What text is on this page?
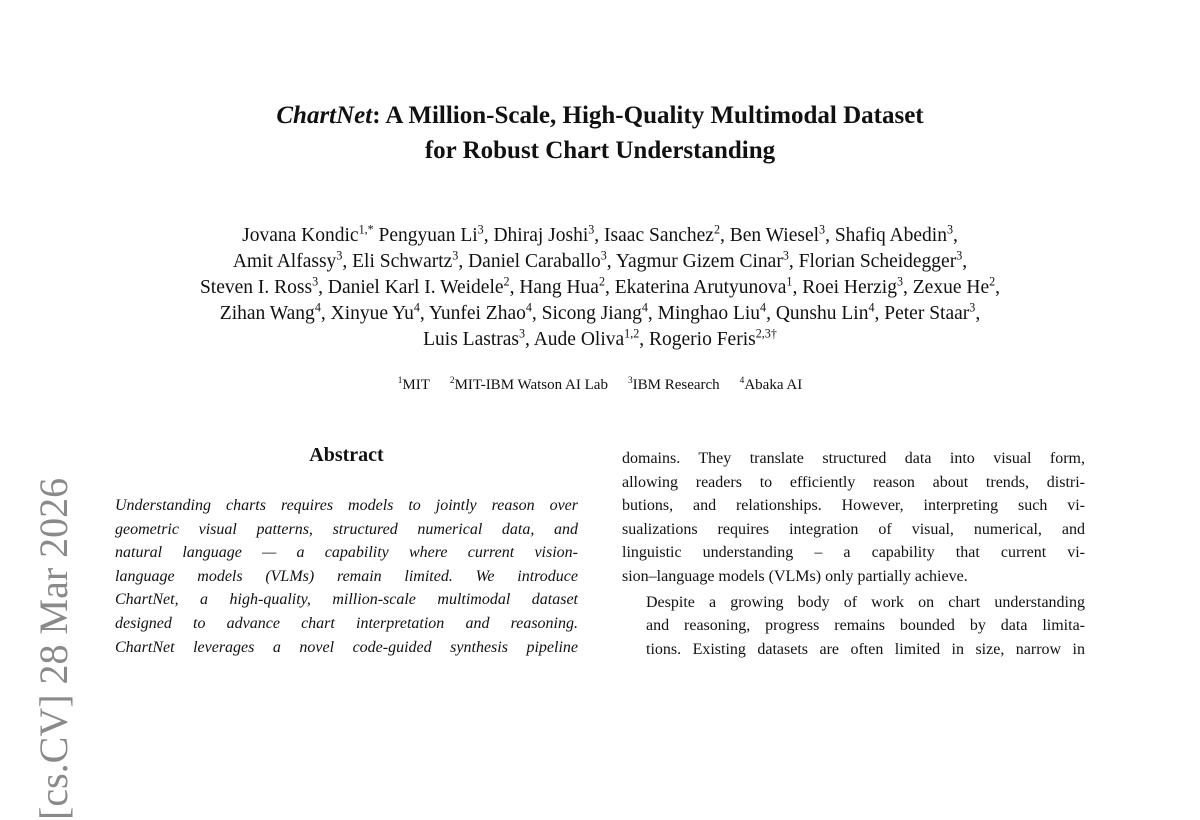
[cs.CV] 28 Mar 2026
ChartNet: A Million-Scale, High-Quality Multimodal Dataset
for Robust Chart Understanding
Jovana Kondic$^{1,*}$ Pengyuan Li$^3$, Dhiraj Joshi$^3$, Isaac Sanchez$^2$, Ben Wiesel$^3$, Shafiq Abedin$^3$,
Amit Alfassy$^3$, Eli Schwartz$^3$, Daniel Caraballo$^3$, Yagmur Gizem Cinar$^3$, Florian Scheidegger$^3$,
Steven I. Ross$^3$, Daniel Karl I. Weidele$^2$, Hang Hua$^2$, Ekaterina Arutyunova$^1$, Roei Herzig$^3$, Zexue He$^2$,
Zihan Wang$^4$, Xinyue Yu$^4$, Yunfei Zhao$^4$, Sicong Jiang$^4$, Minghao Liu$^4$, Qunshu Lin$^4$, Peter Staar$^3$,
Luis Lastras$^3$, Aude Oliva$^{1,2}$, Rogerio Feris$^{2,3\dagger}$
$^1$MIT $^2$MIT-IBM Watson AI Lab $^3$IBM Research $^4$Abaka AI
Abstract
Understanding charts requires models to jointly reason over
geometric visual patterns, structured numerical data, and
natural language — a capability where current vision-
language models (VLMs) remain limited. We introduce
ChartNet, a high-quality, million-scale multimodal dataset
designed to advance chart interpretation and reasoning.
ChartNet leverages a novel code-guided synthesis pipeline

domains. They translate structured data into visual form,
allowing readers to efficiently reason about trends, distri-
butions, and relationships. However, interpreting such vi-
sualizations requires integration of visual, numerical, and
linguistic understanding – a capability that current vi-
sion–language models (VLMs) only partially achieve.

Despite a growing body of work on chart understanding
and reasoning, progress remains bounded by data limita-
tions. Existing datasets are often limited in size, narrow in
